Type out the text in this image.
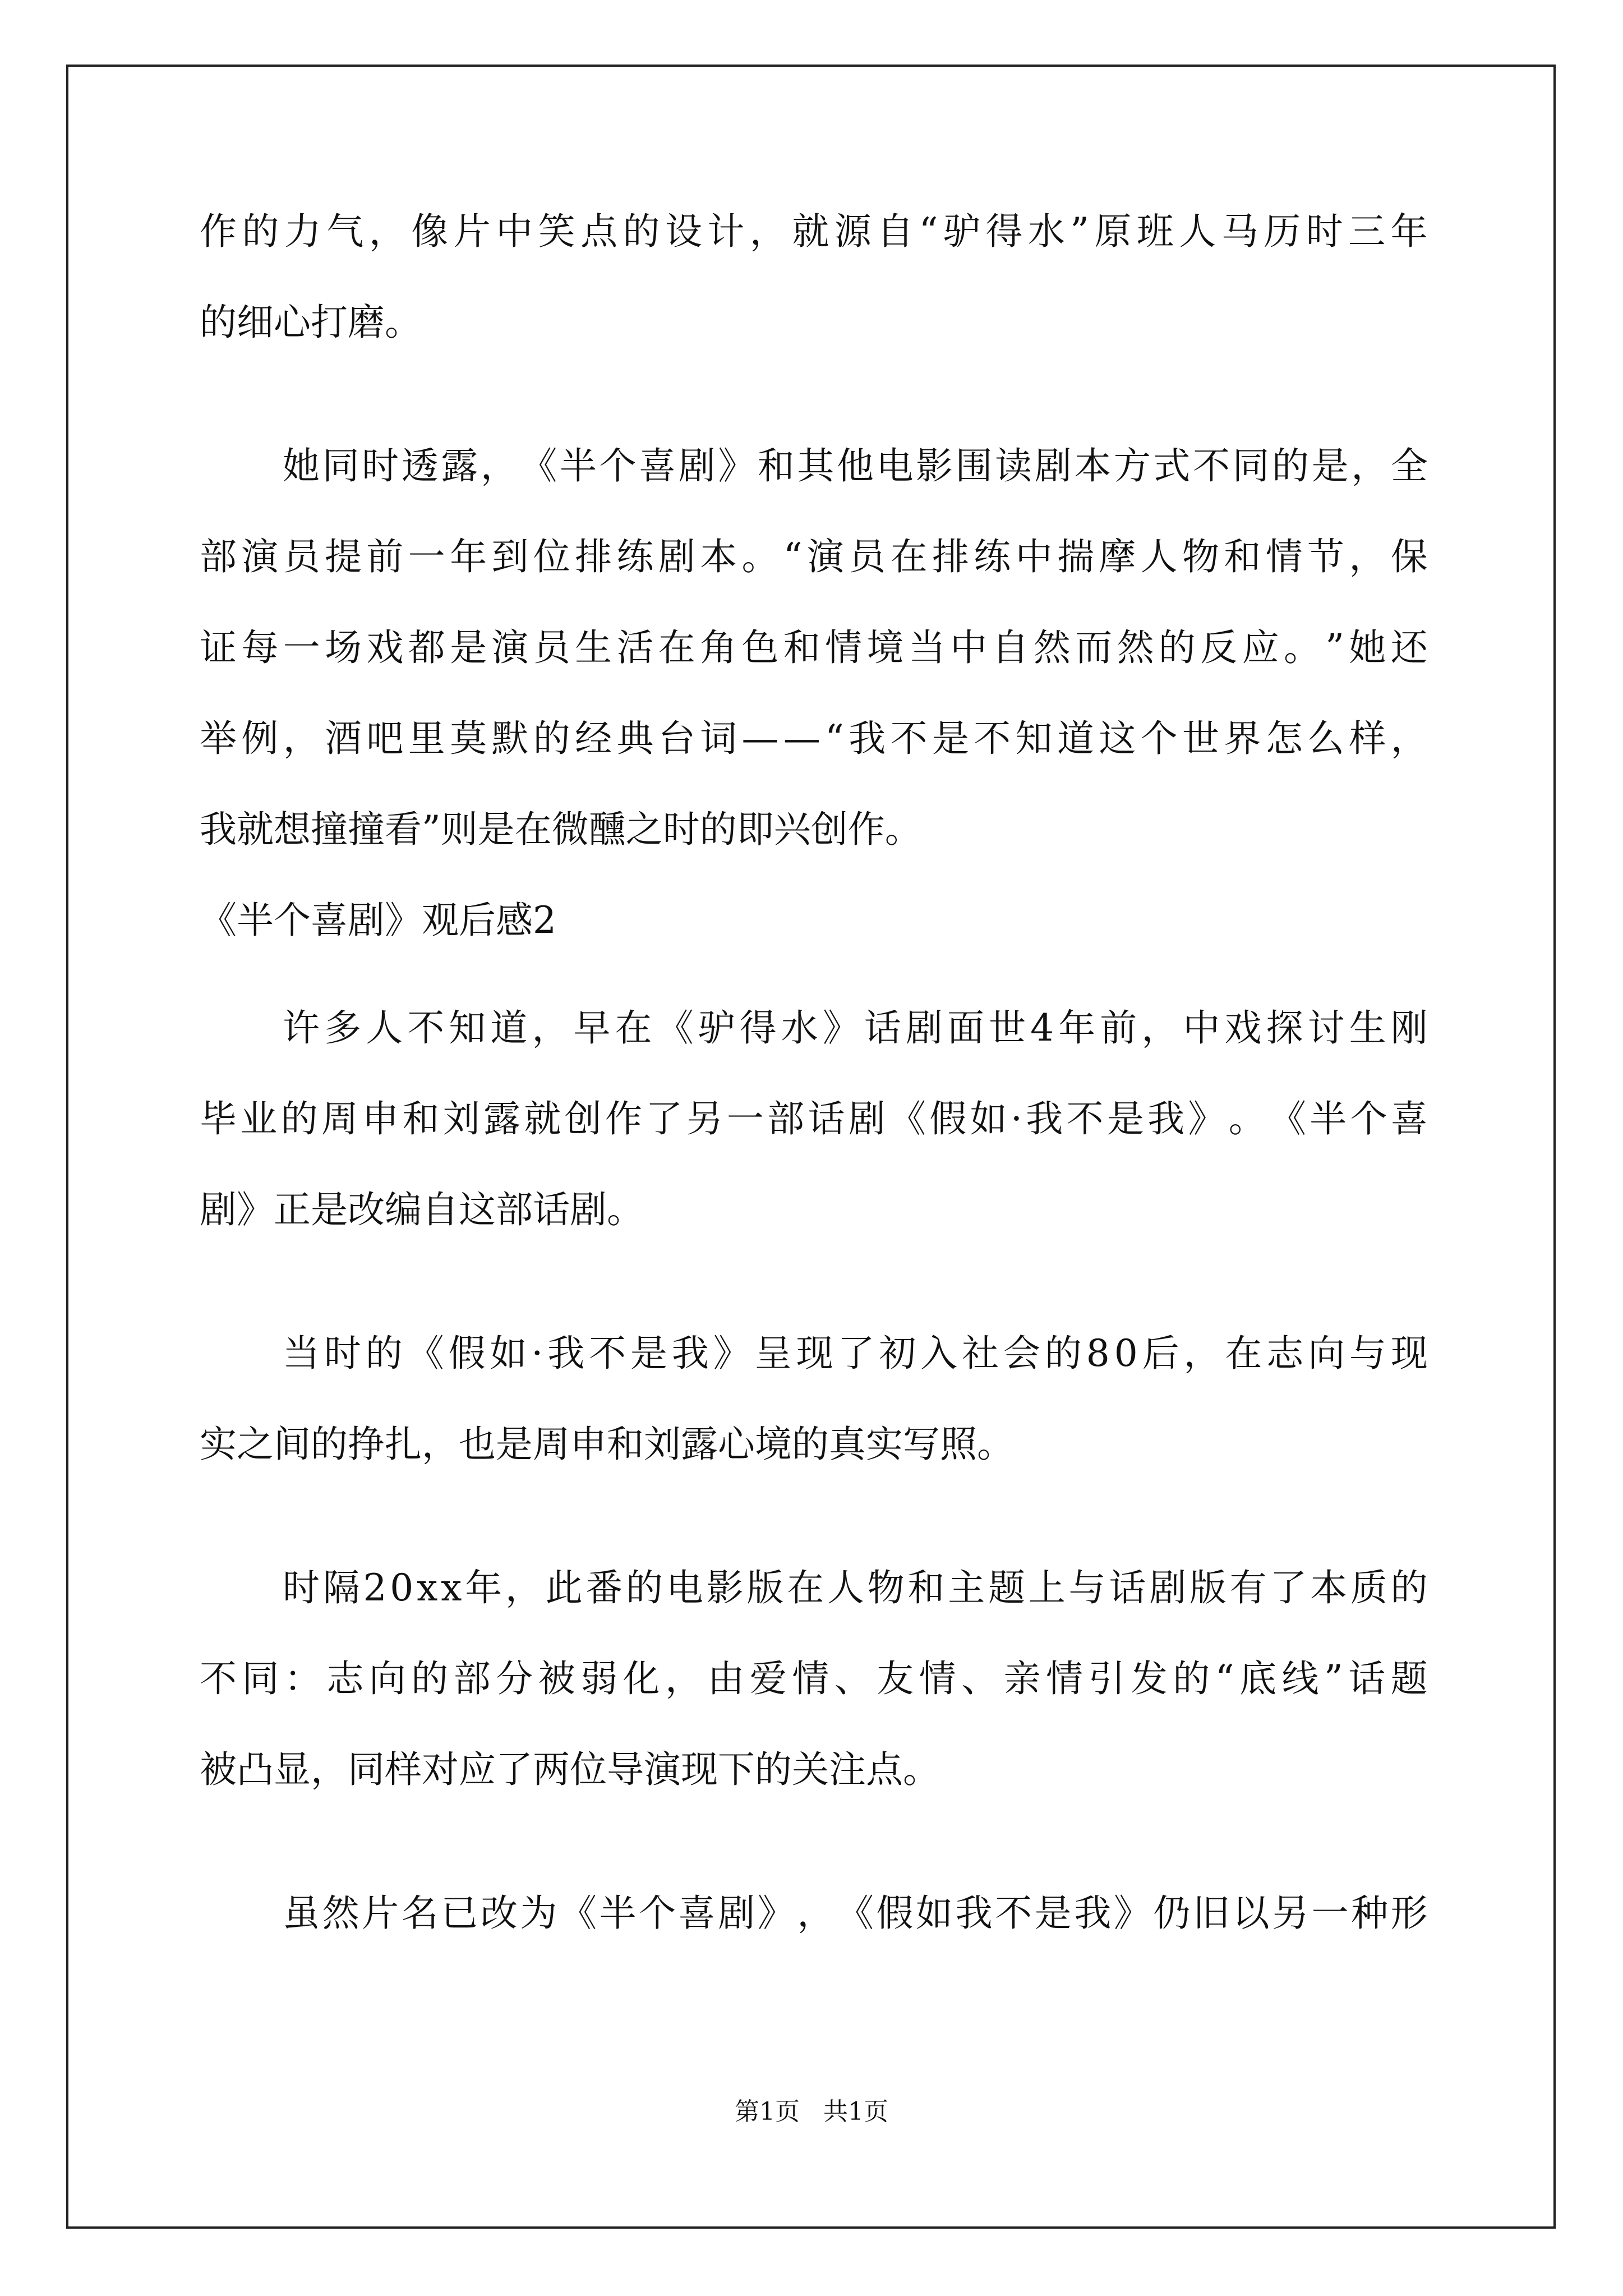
作 的 力 气 ， 像 片 中 笑 点 的 设 计 ， 就 源 自 “ 驴 得 水 ” 原 班 人 马 历 时 三 年
的细心打磨。
她 同 时 透 露 ， 《 半 个 喜 剧 》 和 其 他 电 影 围 读 剧 本 方 式 不 同 的 是 ， 全
部 演 员 提 前 一 年 到 位 排 练 剧 本 。 “ 演 员 在 排 练 中 揣 摩 人 物 和 情 节 ， 保
证 每 一 场 戏 都 是 演 员 生 活 在 角 色 和 情 境 当 中 自 然 而 然 的 反 应 。 ” 她 还
举 例 ， 酒 吧 里 莫 默 的 经 典 台 词 — — “ 我 不 是 不 知 道 这 个 世 界 怎 么 样 ，
我就想撞撞看”则是在微醺之时的即兴创作。
《半个喜剧》观后感2
许 多 人 不 知 道 ， 早 在 《 驴 得 水 》 话 剧 面 世 4 年 前 ， 中 戏 探 讨 生 刚
毕 业 的 周 申 和 刘 露 就 创 作 了 另 一 部 话 剧 《 假 如 · 我 不 是 我 》 。 《 半 个 喜
剧》正是改编自这部话剧。
当 时 的 《 假 如 · 我 不 是 我 》 呈 现 了 初 入 社 会 的 8 0 后 ， 在 志 向 与 现
实之间的挣扎，也是周申和刘露心境的真实写照。
时 隔 2 0 x x 年 ， 此 番 的 电 影 版 在 人 物 和 主 题 上 与 话 剧 版 有 了 本 质 的
不 同 ： 志 向 的 部 分 被 弱 化 ， 由 爱 情 、 友 情 、 亲 情 引 发 的 “ 底 线 ” 话 题
被凸显，同样对应了两位导演现下的关注点。
虽 然 片 名 已 改 为 《 半 个 喜 剧 》 ， 《 假 如 我 不 是 我 》 仍 旧 以 另 一 种 形
第1页   共1页
